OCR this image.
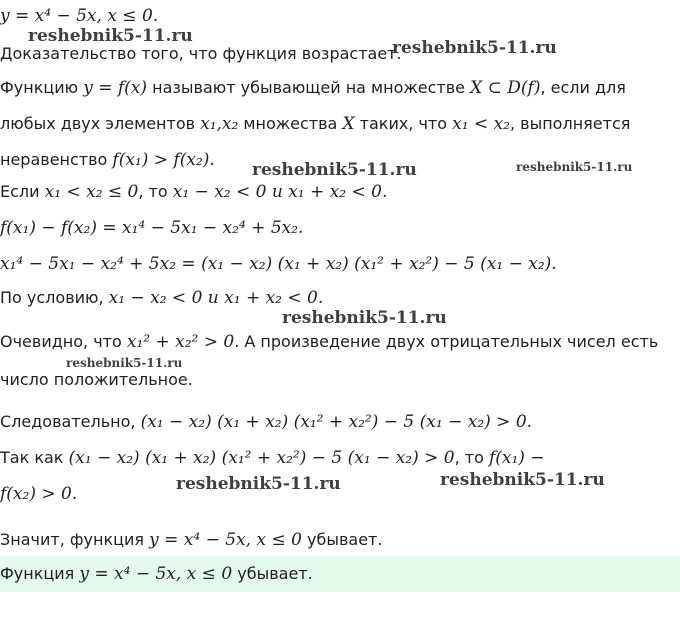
y = x⁴ − 5x, x ≤ 0.
Доказательство того, что функция возрастает.
Функцию y = f(x) называют убывающей на множестве X ⊂ D(f), если для
любых двух элементов x₁,x₂ множества X таких, что x₁ < x₂, выполняется
неравенство f(x₁) > f(x₂).
Если x₁ < x₂ ≤ 0, то x₁ − x₂ < 0 и x₁ + x₂ < 0.
f(x₁) − f(x₂) = x₁⁴ − 5x₁ − x₂⁴ + 5x₂.
x₁⁴ − 5x₁ − x₂⁴ + 5x₂ = (x₁ − x₂) (x₁ + x₂) (x₁² + x₂²) − 5 (x₁ − x₂).
По условию, x₁ − x₂ < 0 и x₁ + x₂ < 0.
Очевидно, что x₁² + x₂² > 0. А произведение двух отрицательных чисел есть
число положительное.
Следовательно, (x₁ − x₂) (x₁ + x₂) (x₁² + x₂²) − 5 (x₁ − x₂) > 0.
Так как (x₁ − x₂) (x₁ + x₂) (x₁² + x₂²) − 5 (x₁ − x₂) > 0, то f(x₁) −
f(x₂) > 0.
Значит, функция y = x⁴ − 5x, x ≤ 0 убывает.
Функция y = x⁴ − 5x, x ≤ 0 убывает.
reshebnik5-11.ru
reshebnik5-11.ru
reshebnik5-11.ru	reshebnik5-11.ru
reshebnik5-11.ru
reshebnik5-11.ru
reshebnik5-11.ru	reshebnik5-11.ru
